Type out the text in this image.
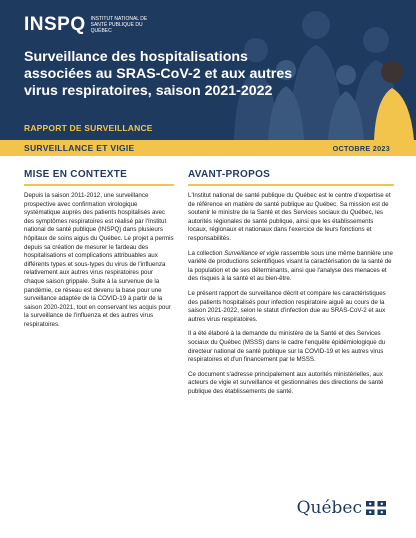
INSPQ INSTITUT NATIONAL DE SANTÉ PUBLIQUE DU QUÉBEC
Surveillance des hospitalisations associées au SRAS-CoV-2 et aux autres virus respiratoires, saison 2021-2022
RAPPORT DE SURVEILLANCE
SURVEILLANCE ET VIGIE	OCTOBRE 2023
MISE EN CONTEXTE	AVANT-PROPOS

Depuis la saison 2011-2012, une surveillance prospective avec confirmation virologique systématique auprès des patients hospitalisés avec des symptômes respiratoires est réalisé par l'Institut national de santé publique (INSPQ) dans plusieurs hôpitaux de soins aigus du Québec. Le projet a permis depuis sa création de mesurer le fardeau des hospitalisations et complications attribuables aux différents types et sous-types du virus de l'influenza relativement aux autres virus respiratoires pour chaque saison grippale. Suite à la survenue de la pandémie, ce réseau est devenu la base pour une surveillance adaptée de la COVID-19 à partir de la saison 2020-2021, tout en conservant les acquis pour la surveillance de l'influenza et des autres virus respiratoires.

L'Institut national de santé publique du Québec est le centre d'expertise et de référence en matière de santé publique au Québec. Sa mission est de soutenir le ministre de la Santé et des Services sociaux du Québec, les autorités régionales de santé publique, ainsi que les établissements locaux, régionaux et nationaux dans l'exercice de leurs fonctions et responsabilités.

La collection Surveillance et vigie rassemble sous une même bannière une variété de productions scientifiques visant la caractérisation de la santé de la population et de ses déterminants, ainsi que l'analyse des menaces et des risques à la santé et au bien-être.

Le présent rapport de surveillance décrit et compare les caractéristiques des patients hospitalisés pour infection respiratoire aiguë au cours de la saison 2021-2022, selon le statut d'infection due au SRAS-CoV-2 et aux autres virus respiratoires.

Il a été élaboré à la demande du ministère de la Santé et des Services sociaux du Québec (MSSS) dans le cadre l'enquête épidémiologique du directeur national de santé publique sur la COVID-19 et les autres virus respiratoires et d'un financement par le MSSS.

Ce document s'adresse principalement aux autorités ministérielles, aux acteurs de vigie et surveillance et gestionnaires des directions de santé publique des établissements de santé.

Québec
